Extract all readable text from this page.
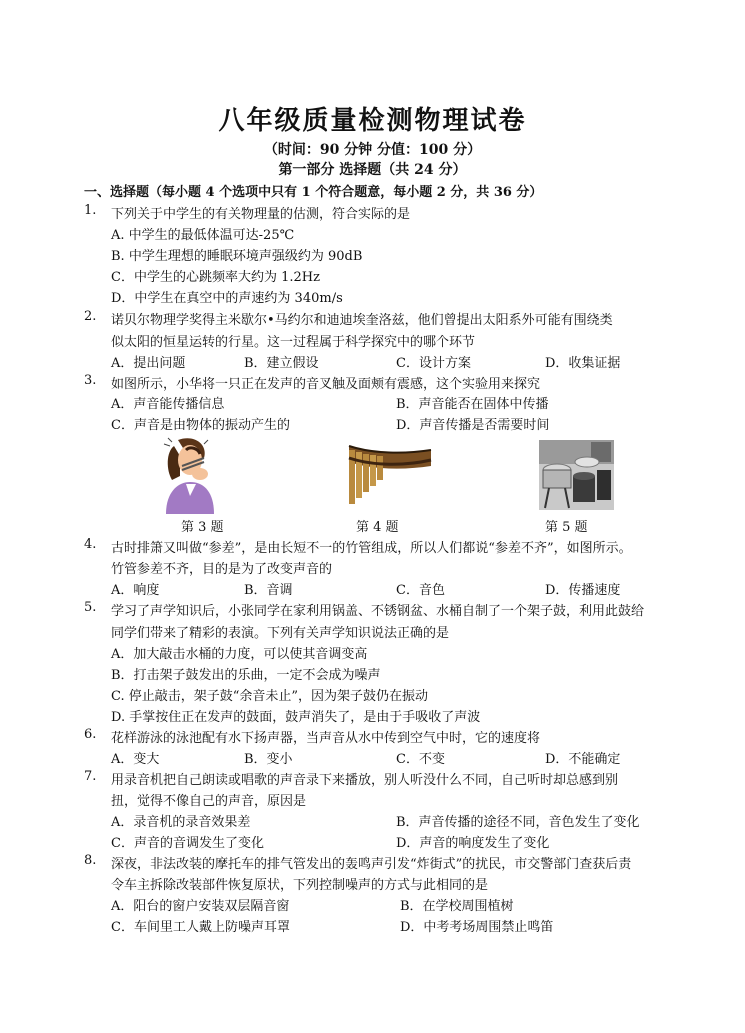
八年级质量检测物理试卷
（时间：90 分钟 分值：100 分）
第一部分 选择题（共 24 分）
一、选择题（每小题 4 个选项中只有 1 个符合题意，每小题 2 分，共 36 分）
1. 下列关于中学生的有关物理量的估测，符合实际的是
A. 中学生的最低体温可达-25℃
B. 中学生理想的睡眠环境声强级约为 90dB
C．中学生的心跳频率大约为 1.2Hz
D．中学生在真空中的声速约为 340m/s
2. 诺贝尔物理学奖得主米歇尔•马约尔和迪迪埃奎洛兹，他们曾提出太阳系外可能有围绕类
似太阳的恒星运转的行星。这一过程属于科学探究中的哪个环节
A．提出问题	B．建立假设	C．设计方案	D．收集证据
3. 如图所示，小华将一只正在发声的音叉触及面颊有震感，这个实验用来探究
A．声音能传播信息	B．声音能否在固体中传播
C．声音是由物体的振动产生的	D．声音传播是否需要时间
第 3 题	第 4 题	第 5 题
4. 古时排箫又叫做“参差”，是由长短不一的竹管组成，所以人们都说“参差不齐”，如图所示。
竹管参差不齐，目的是为了改变声音的
A．响度	B．音调	C．音色	D．传播速度
5. 学习了声学知识后，小张同学在家利用锅盖、不锈钢盆、水桶自制了一个架子鼓，利用此鼓给
同学们带来了精彩的表演。下列有关声学知识说法正确的是
A．加大敲击水桶的力度，可以使其音调变高
B．打击架子鼓发出的乐曲，一定不会成为噪声
C. 停止敲击，架子鼓“余音未止”，因为架子鼓仍在振动
D. 手掌按住正在发声的鼓面，鼓声消失了，是由于手吸收了声波
6. 花样游泳的泳池配有水下扬声器，当声音从水中传到空气中时，它的速度将
A．变大	B．变小	C．不变	D．不能确定
7. 用录音机把自己朗读或唱歌的声音录下来播放，别人听没什么不同，自己听时却总感到别
扭，觉得不像自己的声音，原因是
A．录音机的录音效果差	B．声音传播的途径不同，音色发生了变化
C．声音的音调发生了变化	D．声音的响度发生了变化
8. 深夜，非法改装的摩托车的排气管发出的轰鸣声引发“炸街式”的扰民，市交警部门查获后责
令车主拆除改装部件恢复原状，下列控制噪声的方式与此相同的是
A．阳台的窗户安装双层隔音窗	B．在学校周围植树
C．车间里工人戴上防噪声耳罩	D．中考考场周围禁止鸣笛
